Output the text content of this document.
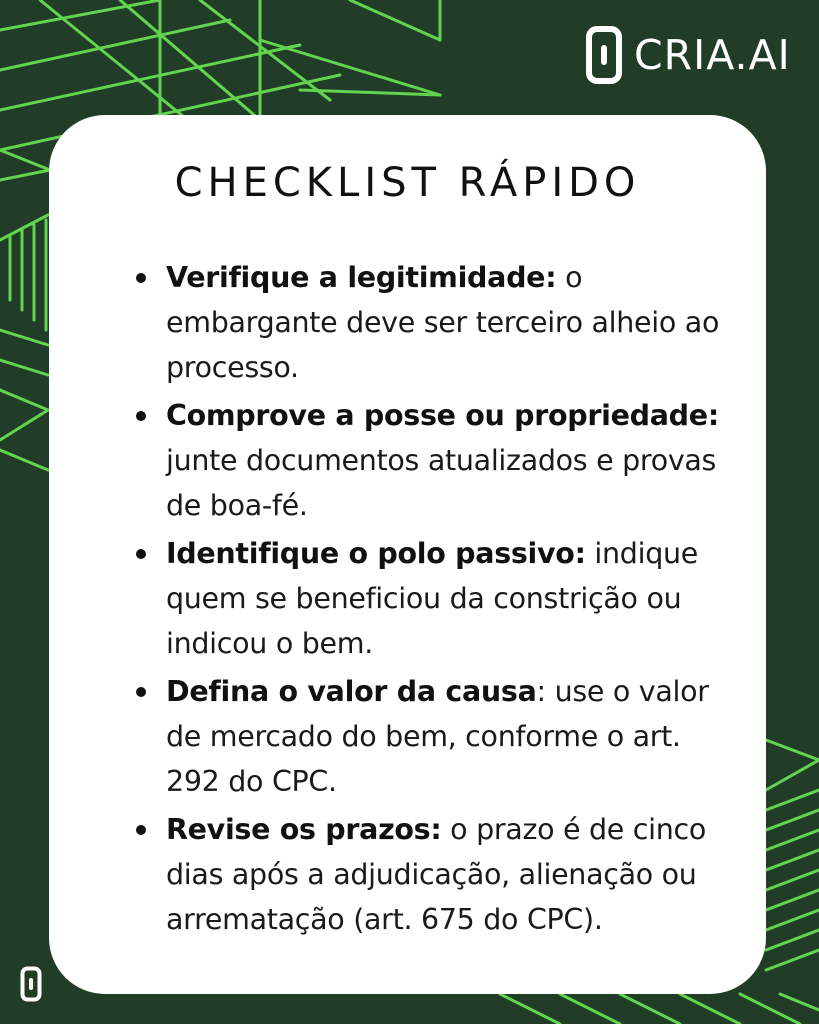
CRIA.AI
CHECKLIST RÁPIDO
Verifique a legitimidade: o embargante deve ser terceiro alheio ao processo.
Comprove a posse ou propriedade: junte documentos atualizados e provas de boa-fé.
Identifique o polo passivo: indique quem se beneficiou da constrição ou indicou o bem.
Defina o valor da causa: use o valor de mercado do bem, conforme o art. 292 do CPC.
Revise os prazos: o prazo é de cinco dias após a adjudicação, alienação ou arrematação (art. 675 do CPC).
